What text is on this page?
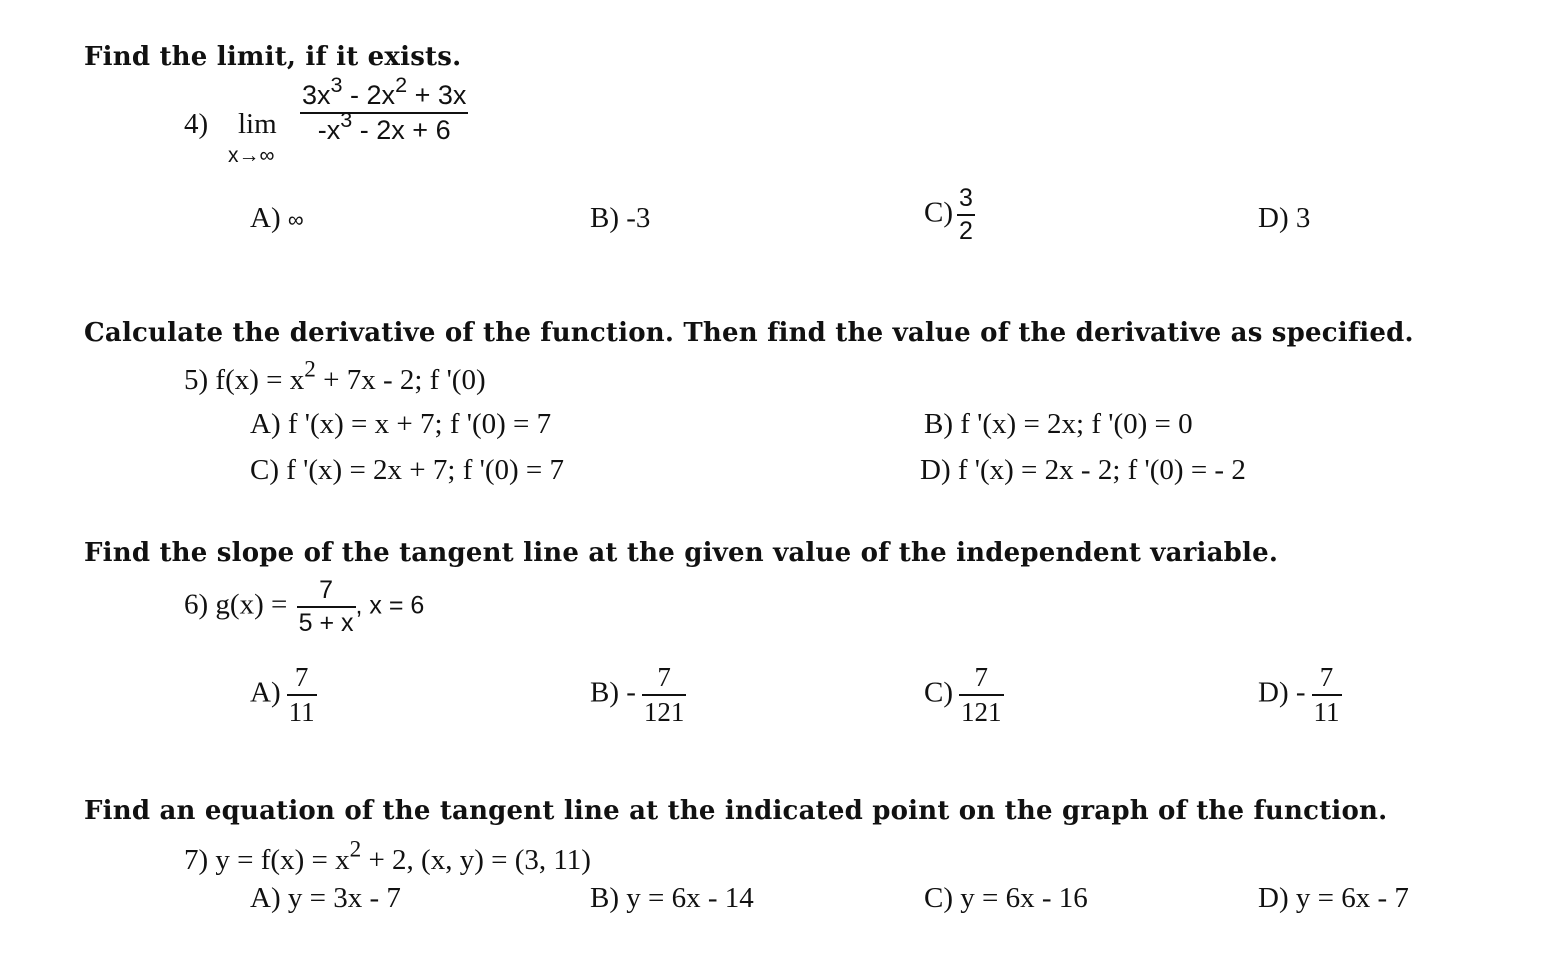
Find the limit, if it exists.
4) lim
x→∞
$\frac{3x^3 - 2x^2 + 3x}{-x^3 - 2x + 6}$
A) ∞	B) -3	$C) \frac{3}{2}$	D) 3
Calculate the derivative of the function. Then find the value of the derivative as specified.
5) $f(x) = x^2 + 7x - 2$; f '(0)
A) f '(x) = x + 7; f '(0) = 7	B) f '(x) = 2x; f '(0) = 0
C) f '(x) = 2x + 7; f '(0) = 7	D) f '(x) = 2x - 2; f '(0) = - 2
Find the slope of the tangent line at the given value of the independent variable.
6) $g(x) = \frac{7}{5 + x}$ , x = 6
$A) \frac{7}{11}$	$B) - \frac{7}{121}$	$C) \frac{7}{121}$	$D) - \frac{7}{11}$
Find an equation of the tangent line at the indicated point on the graph of the function.
7) $y = f(x) = x^2 + 2$, (x, y) = (3, 11)
A) y = 3x - 7	B) y = 6x - 14	C) y = 6x - 16	D) y = 6x - 7
